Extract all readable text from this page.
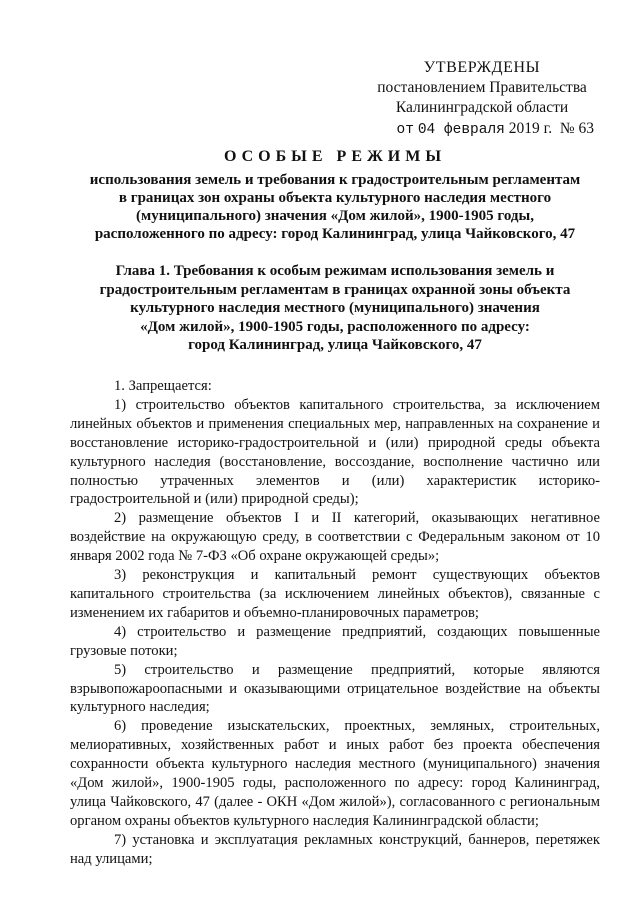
УТВЕРЖДЕНЫ
постановлением Правительства
Калининградской области
от 04 февраля 2019 г. № 63
ОСОБЫЕ РЕЖИМЫ
использования земель и требования к градостроительным регламентам
в границах зон охраны объекта культурного наследия местного
(муниципального) значения «Дом жилой», 1900-1905 годы,
расположенного по адресу: город Калининград, улица Чайковского, 47
Глава 1. Требования к особым режимам использования земель и
градостроительным регламентам в границах охранной зоны объекта
культурного наследия местного (муниципального) значения
«Дом жилой», 1900-1905 годы, расположенного по адресу:
город Калининград, улица Чайковского, 47

1. Запрещается:

1) строительство объектов капитального строительства, за исключением линейных объектов и применения специальных мер, направленных на сохранение и восстановление историко-градостроительной и (или) природной среды объекта культурного наследия (восстановление, воссоздание, восполнение частично или полностью утраченных элементов и (или) характеристик историко-градостроительной и (или) природной среды);

2) размещение объектов I и II категорий, оказывающих негативное воздействие на окружающую среду, в соответствии с Федеральным законом от 10 января 2002 года № 7-ФЗ «Об охране окружающей среды»;

3) реконструкция и капитальный ремонт существующих объектов капитального строительства (за исключением линейных объектов), связанные с изменением их габаритов и объемно-планировочных параметров;

4) строительство и размещение предприятий, создающих повышенные грузовые потоки;

5) строительство и размещение предприятий, которые являются взрывопожароопасными и оказывающими отрицательное воздействие на объекты культурного наследия;

6) проведение изыскательских, проектных, земляных, строительных, мелиоративных, хозяйственных работ и иных работ без проекта обеспечения сохранности объекта культурного наследия местного (муниципального) значения «Дом жилой», 1900-1905 годы, расположенного по адресу: город Калининград, улица Чайковского, 47 (далее - ОКН «Дом жилой»), согласованного с региональным органом охраны объектов культурного наследия Калининградской области;

7) установка и эксплуатация рекламных конструкций, баннеров, перетяжек над улицами;
